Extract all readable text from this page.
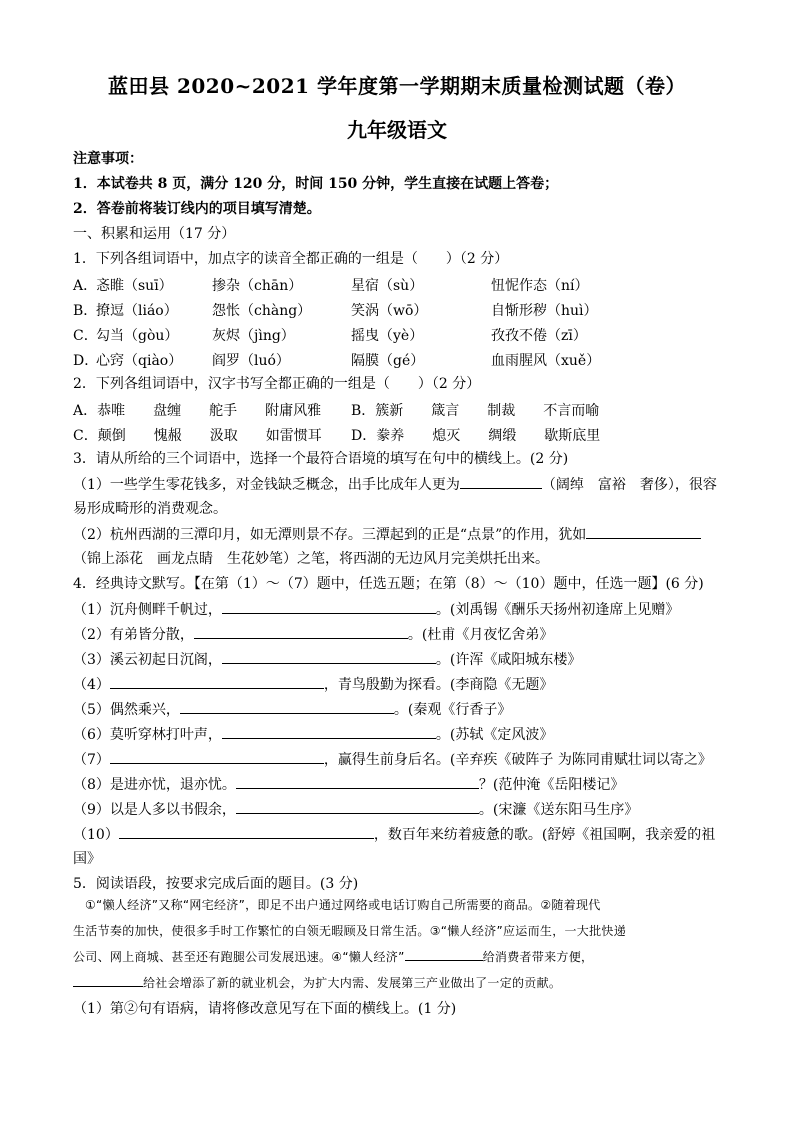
蓝田县 2020~2021 学年度第一学期期末质量检测试题（卷）
九年级语文
注意事项：
1．本试卷共 8 页，满分 120 分，时间 150 分钟，学生直接在试题上答卷；
2．答卷前将装订线内的项目填写清楚。
一、积累和运用（17 分）
1．下列各组词语中，加点字的读音全都正确的一组是（　　）（2 分）
A．
忞睢（suī）	掺杂（chān）	星宿（sù）	忸怩作态（ní）
B．
撩逗（liáo） 怨怅（chàng）	笑涡（wō）	自惭形秽（huì）
C．
勾当（gòu） 灰烬（jìng）	摇曳（yè）	孜孜不倦（zī）
D．
心窍（qiào） 阎罗（luó）	隔膜（gé）	血雨腥风（xuě）
2．下列各组词语中，汉字书写全都正确的一组是（　　）（2 分）
A．恭唯　　盘缠　　舵手　　附庸风雅 B．簇新　　箴言　　制裁　　不言而喻
C．颠倒　　愧赧　　汲取　　如雷惯耳 D．豢养　　熄灭　　绸缎　　歇斯底里
3．请从所给的三个词语中，选择一个最符合语境的填写在句中的横线上。(2 分)
（1）一些学生零花钱多，对金钱缺乏概念，出手比成年人更为	（阔绰　富裕　奢侈），很容
易形成畸形的消费观念。
（2）杭州西湖的三潭印月，如无潭则景不存。三潭起到的正是“点景”的作用，犹如
（锦上添花　画龙点睛　生花妙笔）之笔，将西湖的无边风月完美烘托出来。
4．经典诗文默写。【在第（1）～（7）题中，任选五题；在第（8）～（10）题中，任选一题】(6 分)
（1）沉舟侧畔千帆过，	。(刘禹锡《酬乐天扬州初逢席上见赠》
（2）有弟皆分散，	。(杜甫《月夜忆舍弟》
（3）溪云初起日沉阁，	。(许浑《咸阳城东楼》
（4）	，青鸟殷勤为探看。(李商隐《无题》
（5）偶然乘兴，	。(秦观《行香子》
（6）莫听穿林打叶声，	。(苏轼《定风波》
（7）	，赢得生前身后名。(辛弃疾《破阵子 为陈同甫赋壮词以寄之》
（8）是进亦忧，退亦忧。	？(范仲淹《岳阳楼记》
（9）以是人多以书假余，	。(宋濂《送东阳马生序》
（10）	，数百年来纺着疲惫的歌。(舒婷《祖国啊，我亲爱的祖
国》
5．阅读语段，按要求完成后面的题目。(3 分)
①“懒人经济”又称“网宅经济”，即足不出户通过网络或电话订购自己所需要的商品。②随着现代
生活节奏的加快，使很多手时工作繁忙的白领无暇顾及日常生活。③“懒人经济”应运而生，一大批快递
公司、网上商城、甚至还有跑腿公司发展迅速。④“懒人经济”	给消费者带来方便，
给社会增添了新的就业机会，为扩大内需、发展第三产业做出了一定的贡献。
（1）第②句有语病，请将修改意见写在下面的横线上。(1 分)
